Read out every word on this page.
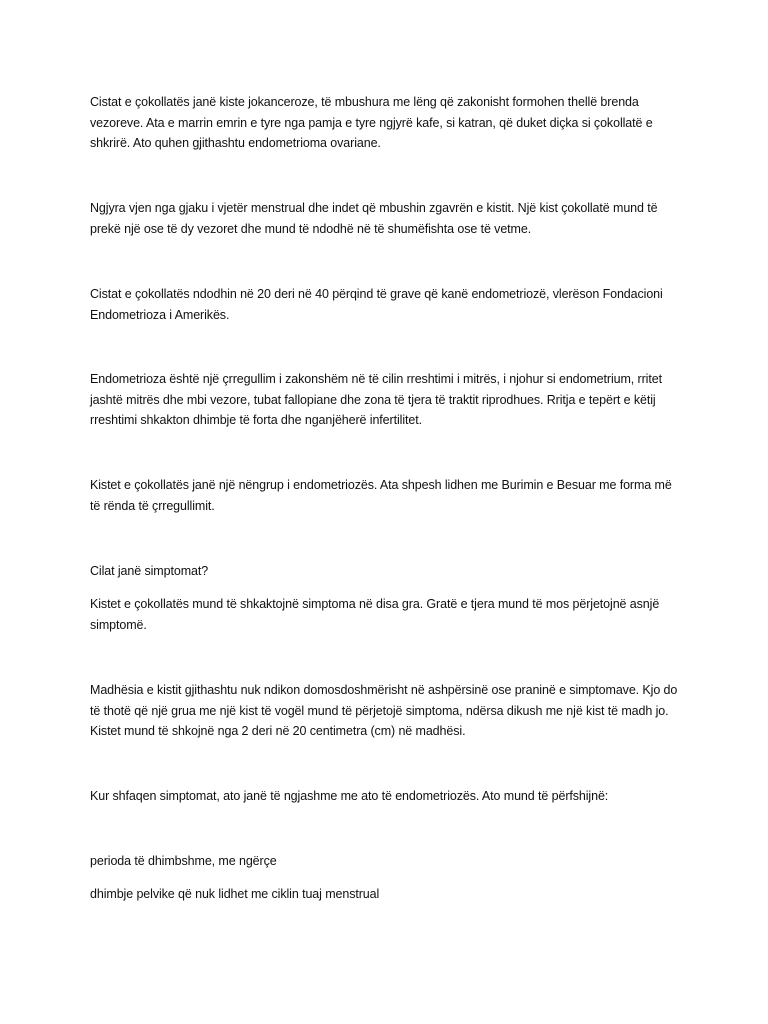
Cistat e çokollatës janë kiste jokanceroze, të mbushura me lëng që zakonisht formohen thellë brenda vezoreve. Ata e marrin emrin e tyre nga pamja e tyre ngjyrë kafe, si katran, që duket diçka si çokollatë e shkrirë. Ato quhen gjithashtu endometrioma ovariane.

Ngjyra vjen nga gjaku i vjetër menstrual dhe indet që mbushin zgavrën e kistit. Një kist çokollatë mund të prekë një ose të dy vezoret dhe mund të ndodhë në të shumëfishta ose të vetme.

Cistat e çokollatës ndodhin në 20 deri në 40 përqind të grave që kanë endometriozë, vlerëson Fondacioni Endometrioza i Amerikës.

Endometrioza është një çrregullim i zakonshëm në të cilin rreshtimi i mitrës, i njohur si endometrium, rritet jashtë mitrës dhe mbi vezore, tubat fallopiane dhe zona të tjera të traktit riprodhues. Rritja e tepërt e këtij rreshtimi shkakton dhimbje të forta dhe nganjëherë infertilitet.

Kistet e çokollatës janë një nëngrup i endometriozës. Ata shpesh lidhen me Burimin e Besuar me forma më të rënda të çrregullimit.

Cilat janë simptomat?

Kistet e çokollatës mund të shkaktojnë simptoma në disa gra. Gratë e tjera mund të mos përjetojnë asnjë simptomë.

Madhësia e kistit gjithashtu nuk ndikon domosdoshmërisht në ashpërsinë ose praninë e simptomave. Kjo do të thotë që një grua me një kist të vogël mund të përjetojë simptoma, ndërsa dikush me një kist të madh jo. Kistet mund të shkojnë nga 2 deri në 20 centimetra (cm) në madhësi.

Kur shfaqen simptomat, ato janë të ngjashme me ato të endometriozës. Ato mund të përfshijnë:

perioda të dhimbshme, me ngërçe

dhimbje pelvike që nuk lidhet me ciklin tuaj menstrual
